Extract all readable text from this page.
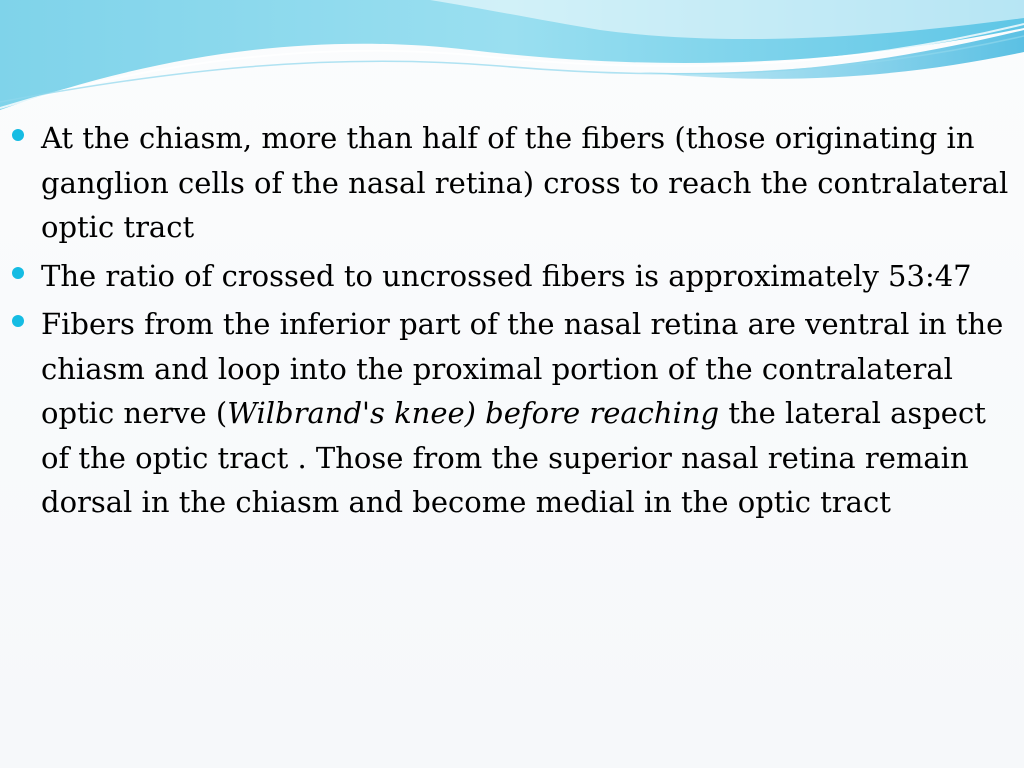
At the chiasm, more than half of the fibers (those originating in ganglion cells of the nasal retina) cross to reach the contralateral optic tract
The ratio of crossed to uncrossed fibers is approximately 53:47
Fibers from the inferior part of the nasal retina are ventral in the chiasm and loop into the proximal portion of the contralateral optic nerve (Wilbrand's knee) before reaching the lateral aspect of the optic tract . Those from the superior nasal retina remain dorsal in the chiasm and become medial in the optic tract
